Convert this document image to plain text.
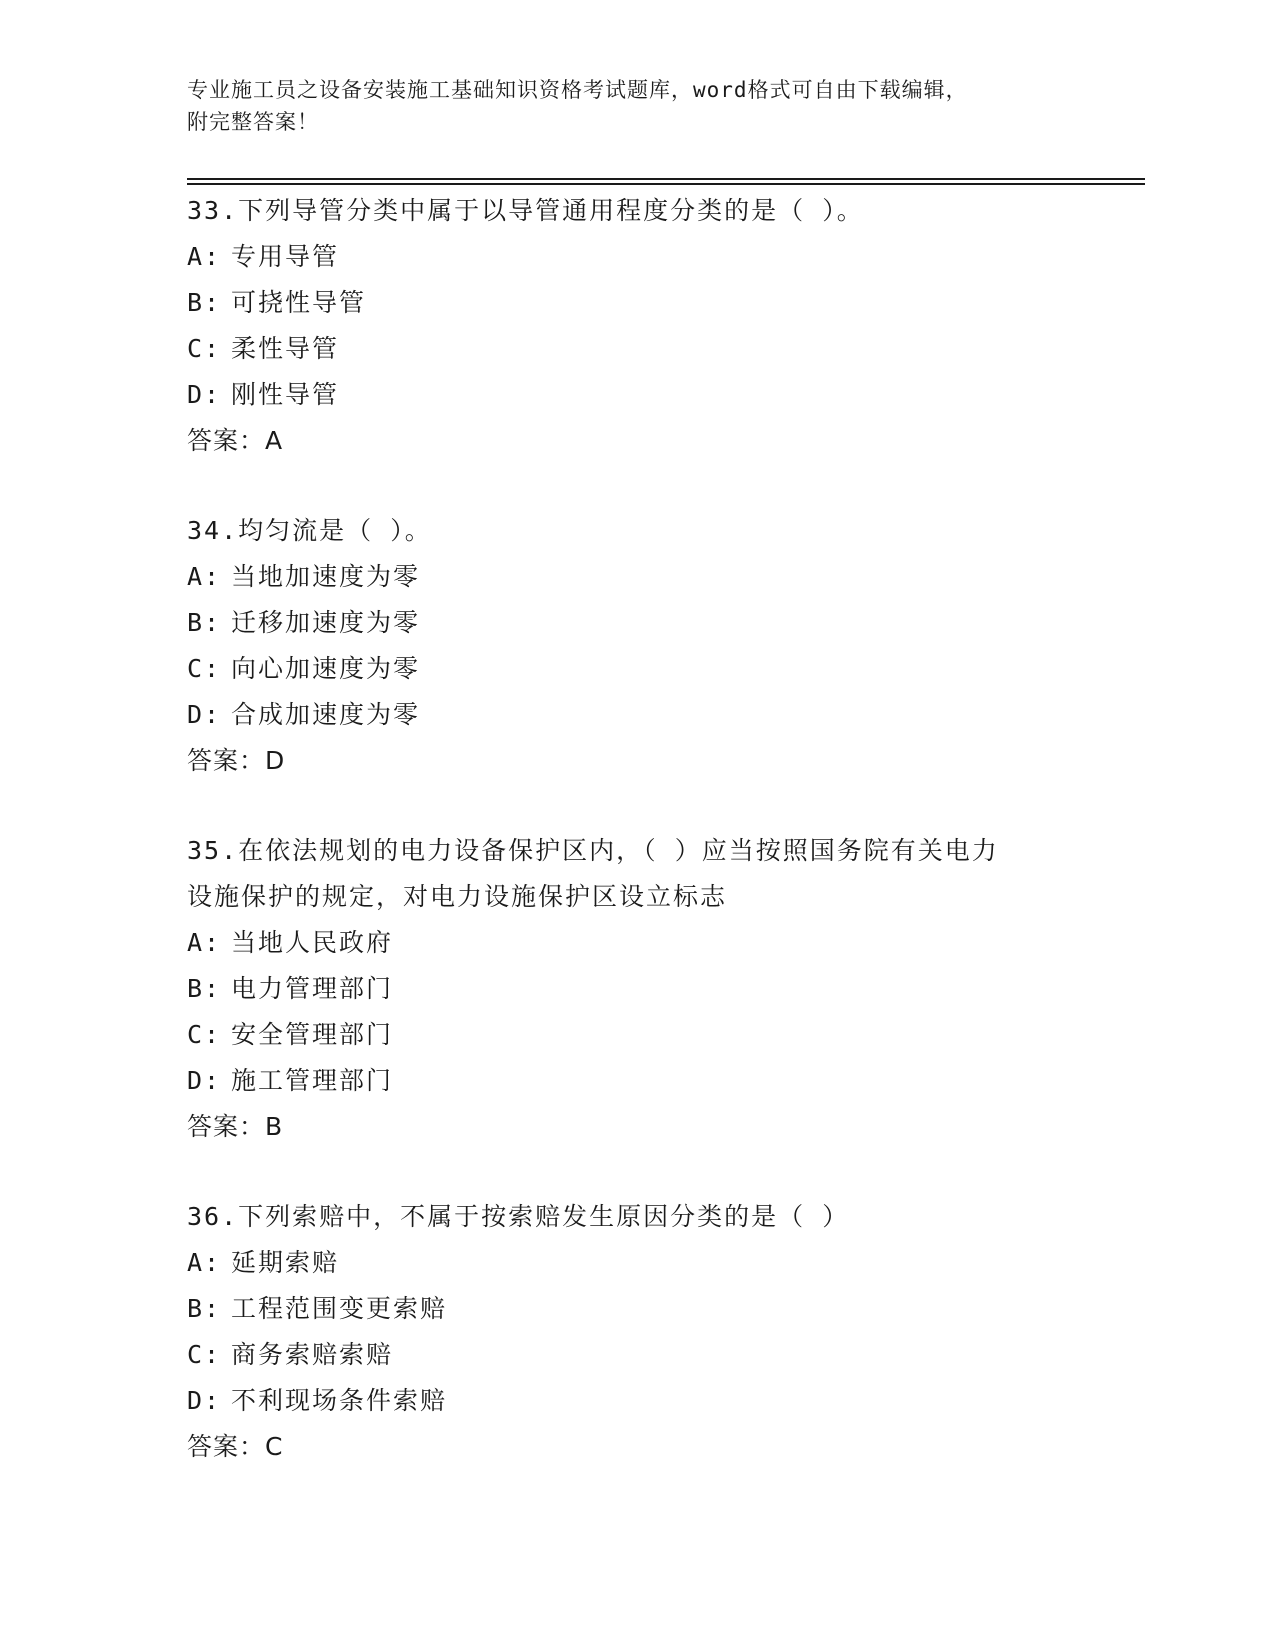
专业施工员之设备安装施工基础知识资格考试题库，word格式可自由下载编辑，
附完整答案！
33.下列导管分类中属于以导管通用程度分类的是（ ）。
A: 专用导管
B: 可挠性导管
C: 柔性导管
D: 刚性导管
答案：A
34.均匀流是（ ）。
A: 当地加速度为零
B: 迁移加速度为零
C: 向心加速度为零
D: 合成加速度为零
答案：D
35.在依法规划的电力设备保护区内，（ ）应当按照国务院有关电力
设施保护的规定，对电力设施保护区设立标志
A: 当地人民政府
B: 电力管理部门
C: 安全管理部门
D: 施工管理部门
答案：B
36.下列索赔中，不属于按索赔发生原因分类的是（ ）
A: 延期索赔
B: 工程范围变更索赔
C: 商务索赔索赔
D: 不利现场条件索赔
答案：C
